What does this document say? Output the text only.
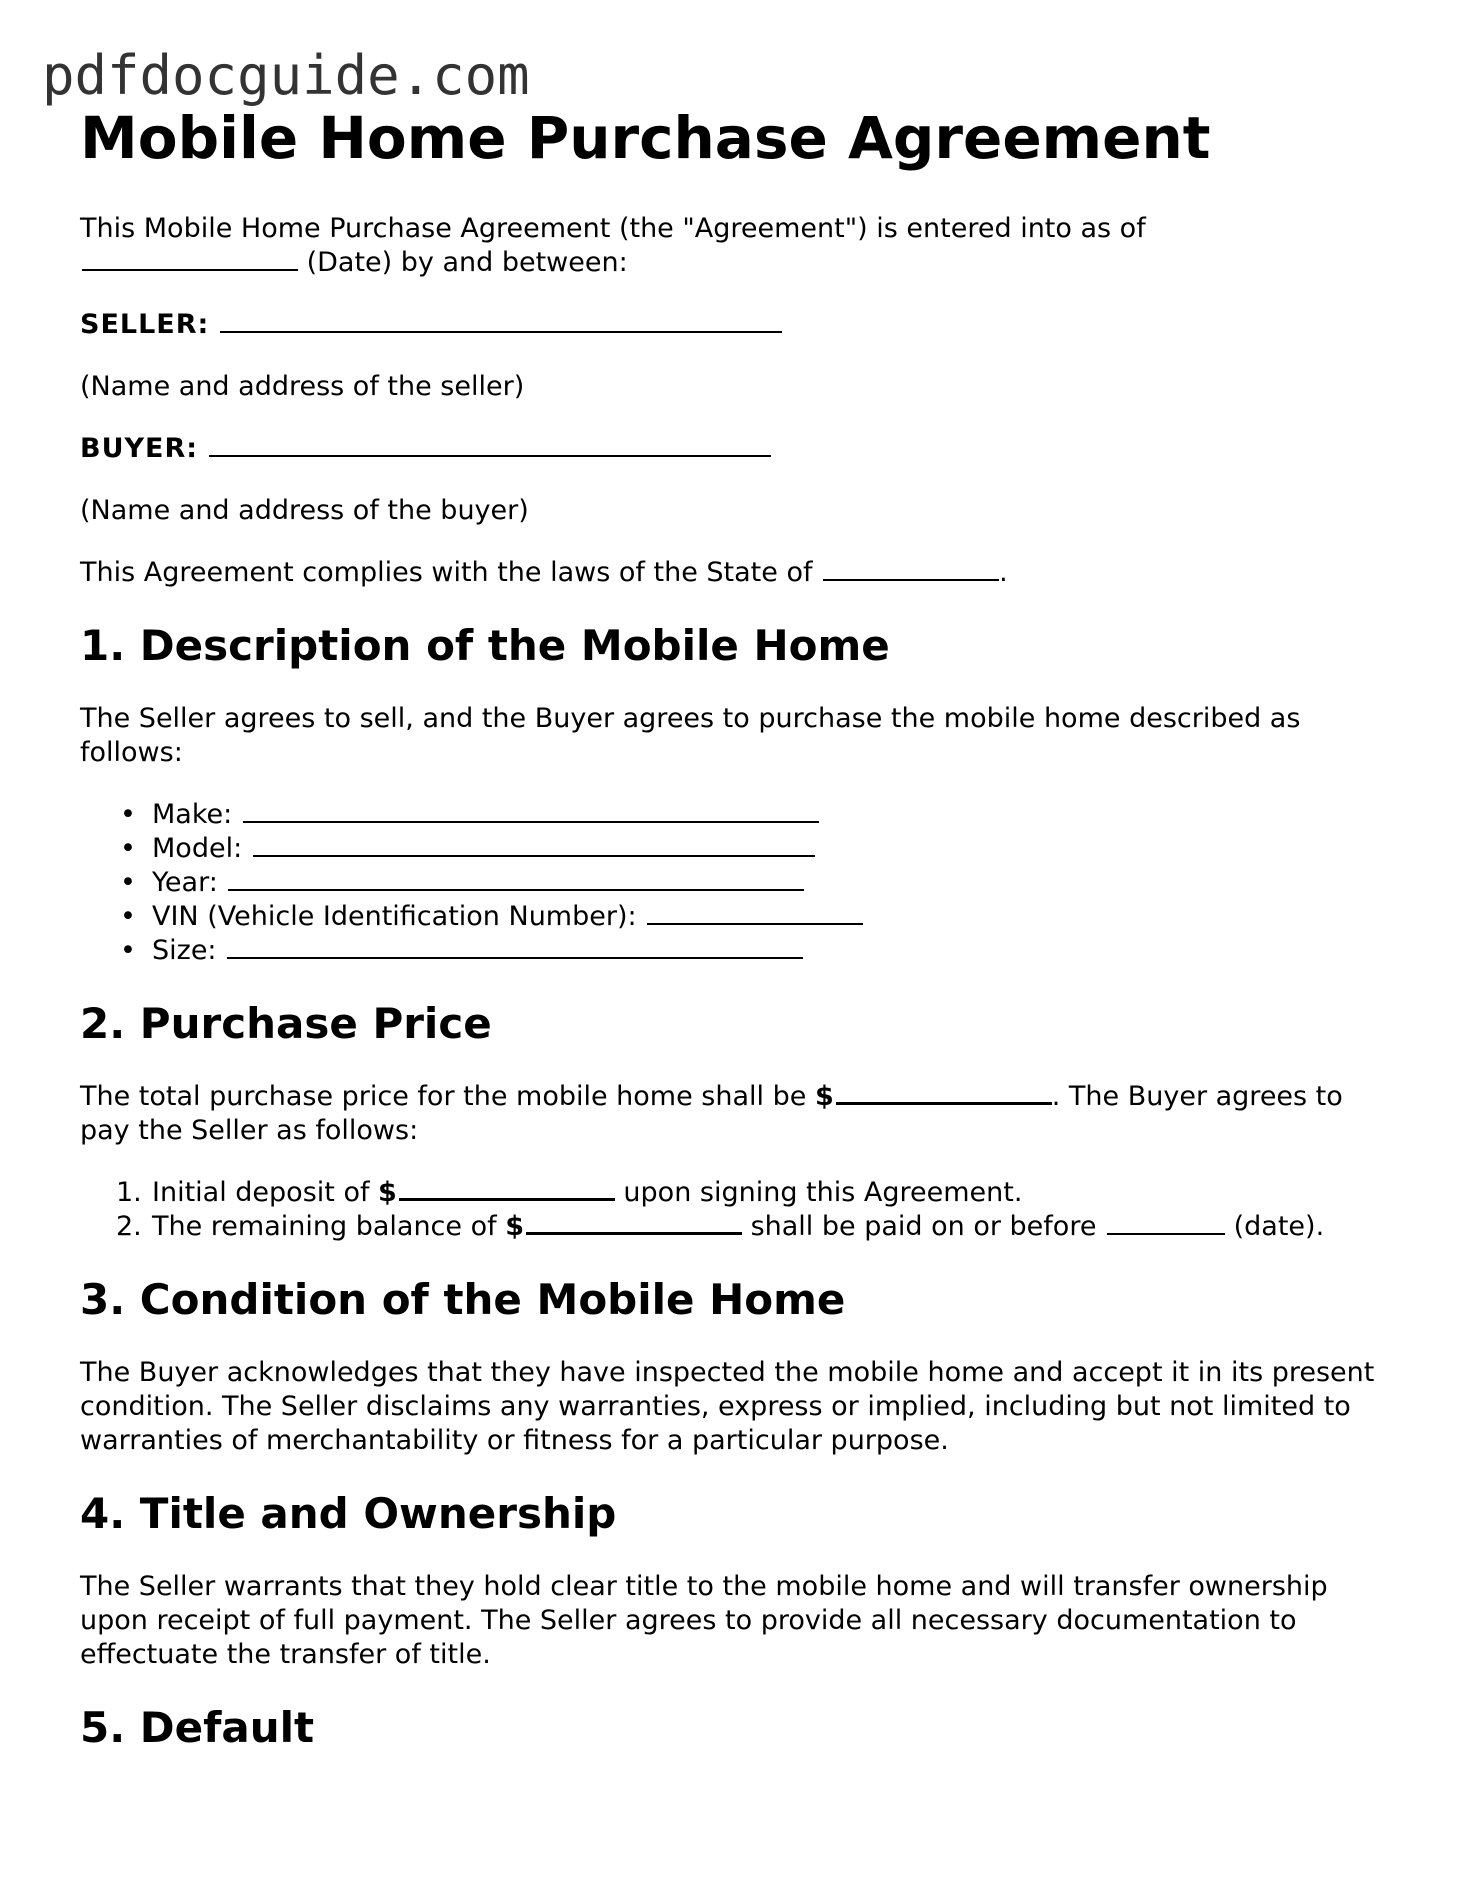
pdfdocguide.com
Mobile Home Purchase Agreement

This Mobile Home Purchase Agreement (the "Agreement") is entered into as of
(Date) by and between:

SELLER:

(Name and address of the seller)

BUYER:

(Name and address of the buyer)

This Agreement complies with the laws of the State of	.

1. Description of the Mobile Home

The Seller agrees to sell, and the Buyer agrees to purchase the mobile home described as follows:

• Make:
• Model:
• Year:
• VIN (Vehicle Identification Number):
• Size:
2. Purchase Price

The total purchase price for the mobile home shall be $	. The Buyer agrees to pay the Seller as follows:

1. Initial deposit of $	upon signing this Agreement.
2. The remaining balance of $	shall be paid on or before	(date).
3. Condition of the Mobile Home

The Buyer acknowledges that they have inspected the mobile home and accept it in its present condition. The Seller disclaims any warranties, express or implied, including but not limited to warranties of merchantability or fitness for a particular purpose.

4. Title and Ownership

The Seller warrants that they hold clear title to the mobile home and will transfer ownership upon receipt of full payment. The Seller agrees to provide all necessary documentation to effectuate the transfer of title.

5. Default
